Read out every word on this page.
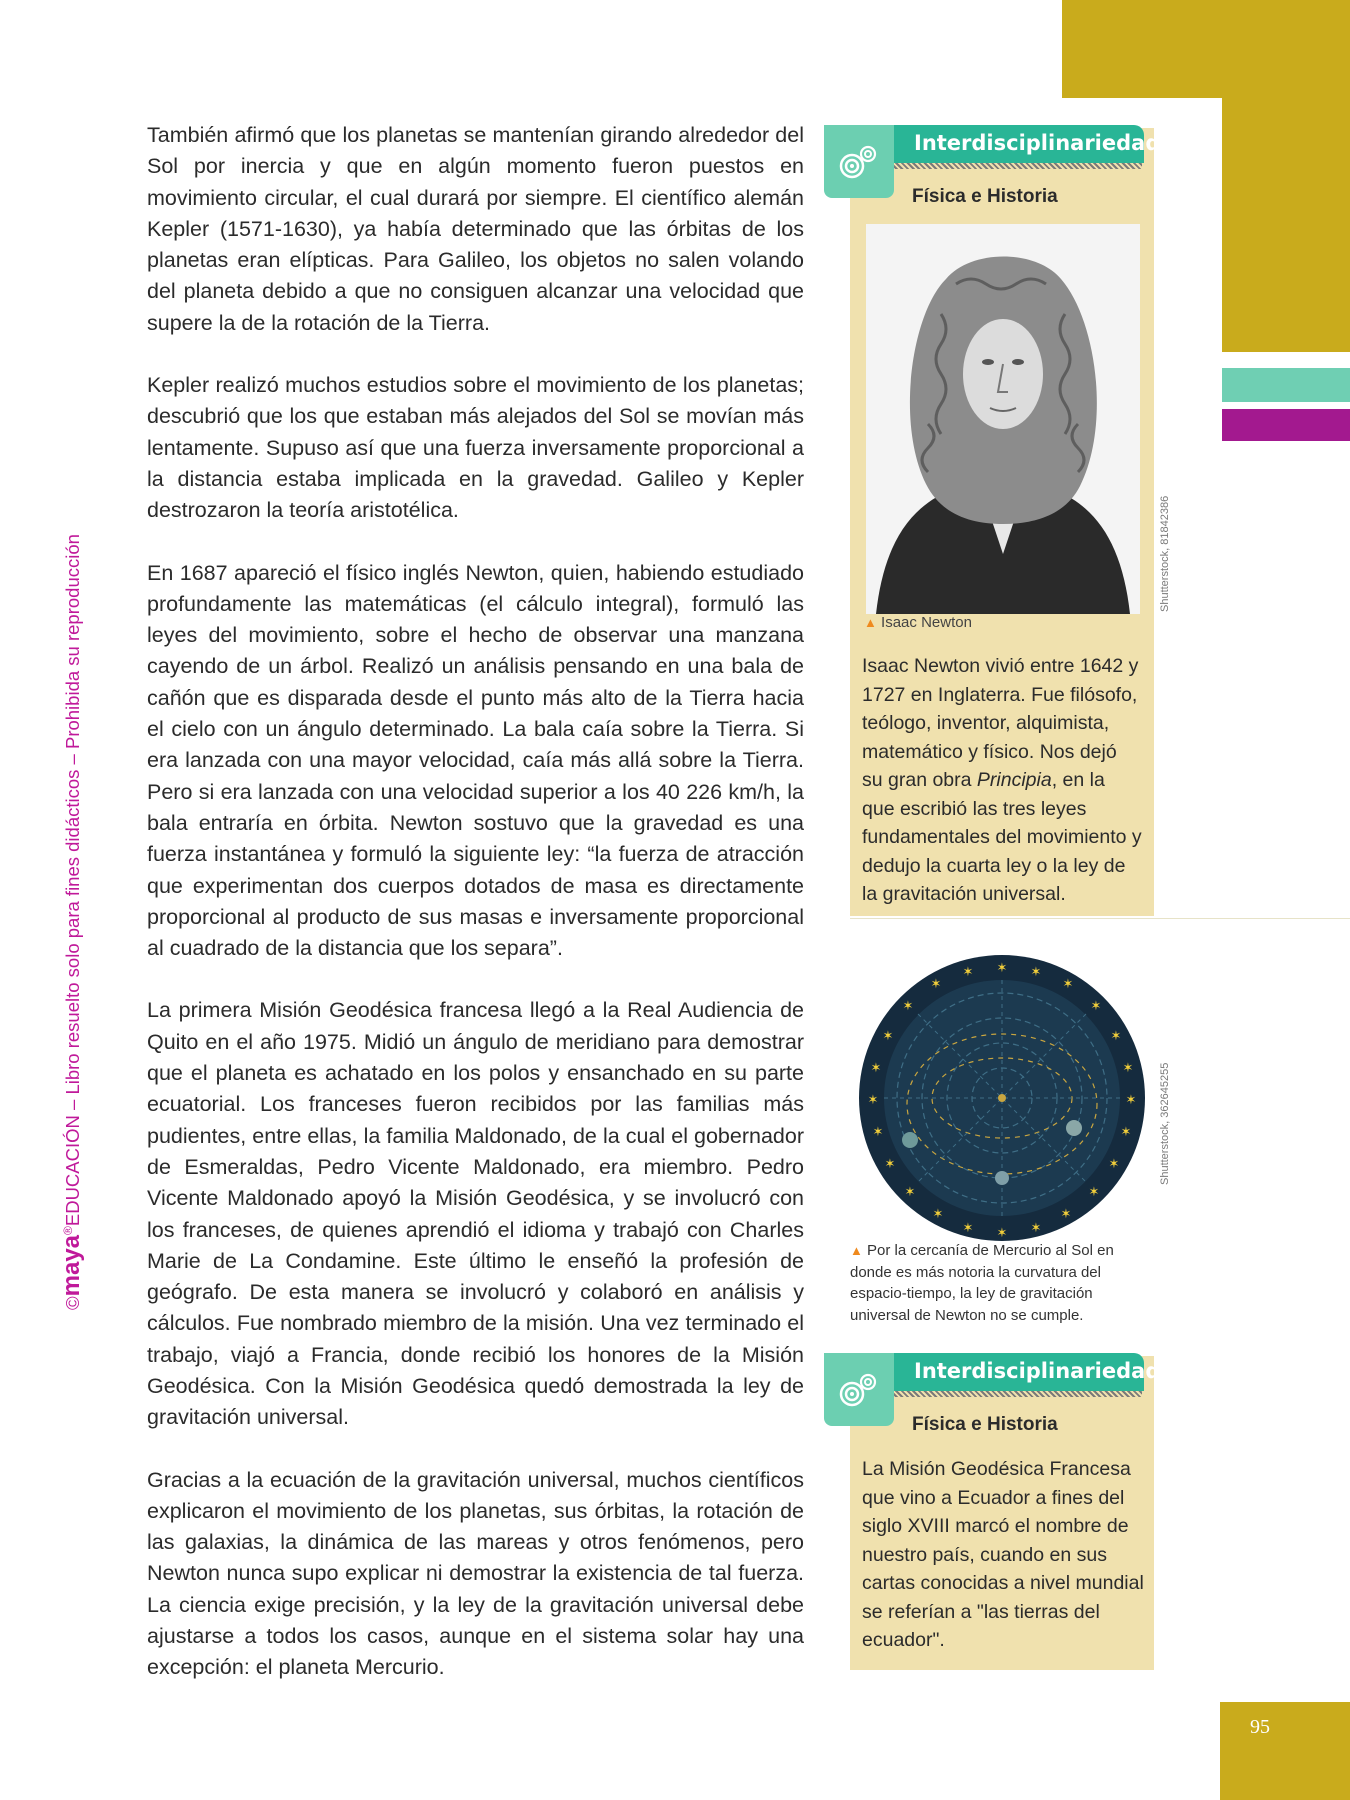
©maya®EDUCACIÓN – Libro resuelto solo para fines didácticos – Prohibida su reproducción

También afirmó que los planetas se mantenían girando alrededor del Sol por inercia y que en algún momento fueron puestos en movimiento circular, el cual durará por siempre. El científico alemán Kepler (1571-1630), ya había determinado que las órbitas de los planetas eran elípticas. Para Galileo, los objetos no salen volando del planeta debido a que no consiguen alcanzar una velocidad que supere la de la rotación de la Tierra.

Kepler realizó muchos estudios sobre el movimiento de los planetas; descubrió que los que estaban más alejados del Sol se movían más lentamente. Supuso así que una fuerza inversamente proporcional a la distancia estaba implicada en la gravedad. Galileo y Kepler destrozaron la teoría aristotélica.

En 1687 apareció el físico inglés Newton, quien, habiendo estudiado profundamente las matemáticas (el cálculo integral), formuló las leyes del movimiento, sobre el hecho de observar una manzana cayendo de un árbol. Realizó un análisis pensando en una bala de cañón que es disparada desde el punto más alto de la Tierra hacia el cielo con un ángulo determinado. La bala caía sobre la Tierra. Si era lanzada con una mayor velocidad, caía más allá sobre la Tierra. Pero si era lanzada con una velocidad superior a los 40 226 km/h, la bala entraría en órbita. Newton sostuvo que la gravedad es una fuerza instantánea y formuló la siguiente ley: “la fuerza de atracción que experimentan dos cuerpos dotados de masa es directamente proporcional al producto de sus masas e inversamente proporcional al cuadrado de la distancia que los separa”.

La primera Misión Geodésica francesa llegó a la Real Audiencia de Quito en el año 1975. Midió un ángulo de meridiano para demostrar que el planeta es achatado en los polos y ensanchado en su parte ecuatorial. Los franceses fueron recibidos por las familias más pudientes, entre ellas, la familia Maldonado, de la cual el gobernador de Esmeraldas, Pedro Vicente Maldonado, era miembro. Pedro Vicente Maldonado apoyó la Misión Geodésica, y se involucró con los franceses, de quienes aprendió el idioma y trabajó con Charles Marie de La Condamine. Este último le enseñó la profesión de geógrafo. De esta manera se involucró y colaboró en análisis y cálculos. Fue nombrado miembro de la misión. Una vez terminado el trabajo, viajó a Francia, donde recibió los honores de la Misión Geodésica. Con la Misión Geodésica quedó demostrada la ley de gravitación universal.

Gracias a la ecuación de la gravitación universal, muchos científicos explicaron el movimiento de los planetas, sus órbitas, la rotación de las galaxias, la dinámica de las mareas y otros fenómenos, pero Newton nunca supo explicar ni demostrar la existencia de tal fuerza. La ciencia exige precisión, y la ley de la gravitación universal debe ajustarse a todos los casos, aunque en el sistema solar hay una excepción: el planeta Mercurio.

Interdisciplinariedad
Física e Historia
▲ Isaac Newton
Isaac Newton vivió entre 1642 y 1727 en Inglaterra. Fue filósofo, teólogo, inventor, alquimista, matemático y físico. Nos dejó su gran obra Principia, en la que escribió las tres leyes fundamentales del movimiento y dedujo la cuarta ley o la ley de la gravitación universal.
Shutterstock, 81842386
✶ ✶
✶
✶
✶
✶
✶
✶
✶
✶
✶
✶
✶
✶
✶
✶
✶
✶
✶
✶
✶
✶
✶
✶
Shutterstock, 362645255
▲ Por la cercanía de Mercurio al Sol en donde es más notoria la curvatura del espacio-tiempo, la ley de gravitación universal de Newton no se cumple.
Interdisciplinariedad
Física e Historia
La Misión Geodésica Francesa que vino a Ecuador a fines del siglo XVIII marcó el nombre de nuestro país, cuando en sus cartas conocidas a nivel mundial se referían a "las tierras del ecuador".
95
